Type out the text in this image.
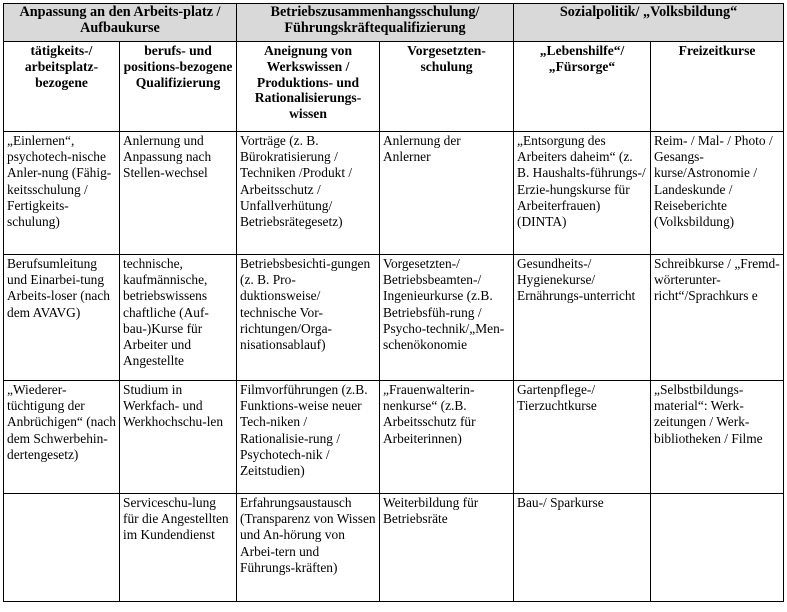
Anpassung an den Arbeits-platz / Aufbaukurse		Betriebszusammenhangsschulung/ Führungskräftequalifizierung		Sozialpolitik/ „Volksbildung“	
tätigkeits-/ arbeitsplatz-bezogene	berufs- und positions-bezogene Qualifizierung	Aneignung von Werkswissen / Produktions- und Rationalisierungs-wissen	Vorgesetzten-schulung	„Lebenshilfe“/ „Fürsorge“	Freizeitkurse
„Einlernen“, psychotech-nische Anler-nung (Fähig-keitsschulung / Fertigkeits-schulung)	Anlernung und Anpassung nach Stellen-wechsel	Vorträge (z. B. Bürokratisierung / Techniken /Produkt / Arbeitsschutz / Unfallverhütung/ Betriebsrätegesetz)	Anlernung der Anlerner	„Entsorgung des Arbeiters daheim“ (z. B. Haushalts-führungs-/ Erzie-hungskurse für Arbeiterfrauen) (DINTA)	Reim- / Mal- / Photo / Gesangs-kurse/Astronomie / Landeskunde / Reiseberichte (Volksbildung)
Berufsumleitung und Einarbei-tung Arbeits-loser (nach dem AVAVG)	technische, kaufmännische, betriebswissens chaftliche (Auf-bau-)Kurse für Arbeiter und Angestellte	Betriebsbesichti-gungen (z. B. Pro-duktionsweise/ technische Vor-richtungen/Orga-nisationsablauf)	Vorgesetzten-/ Betriebsbeamten-/ Ingenieurkurse (z.B. Betriebsfüh-rung / Psycho-technik/„Men-schenökonomie	Gesundheits-/ Hygienekurse/ Ernährungs-unterricht	Schreibkurse / „Fremd-wörterunter-richt“/Sprachkurs e
„Wiederer-tüchtigung der Anbrüchigen“ (nach dem Schwerbehin-dertengesetz)	Studium in Werkfach- und Werkhochschu-len	Filmvorführungen (z.B. Funktions-weise neuer Tech-niken / Rationalisie-rung / Psychotech-nik / Zeitstudien)	„Frauenwalterin-nenkurse“ (z.B. Arbeitsschutz für Arbeiterinnen)	Gartenpflege-/ Tierzuchtkurse	„Selbstbildungs-material“: Werk-zeitungen / Werk-bibliotheken / Filme
	Serviceschu-lung für die Angestellten im Kundendienst	Erfahrungsaustausch (Transparenz von Wissen und An-hörung von Arbei-tern und Führungs-kräften)	Weiterbildung für Betriebsräte	Bau-/ Sparkurse	
